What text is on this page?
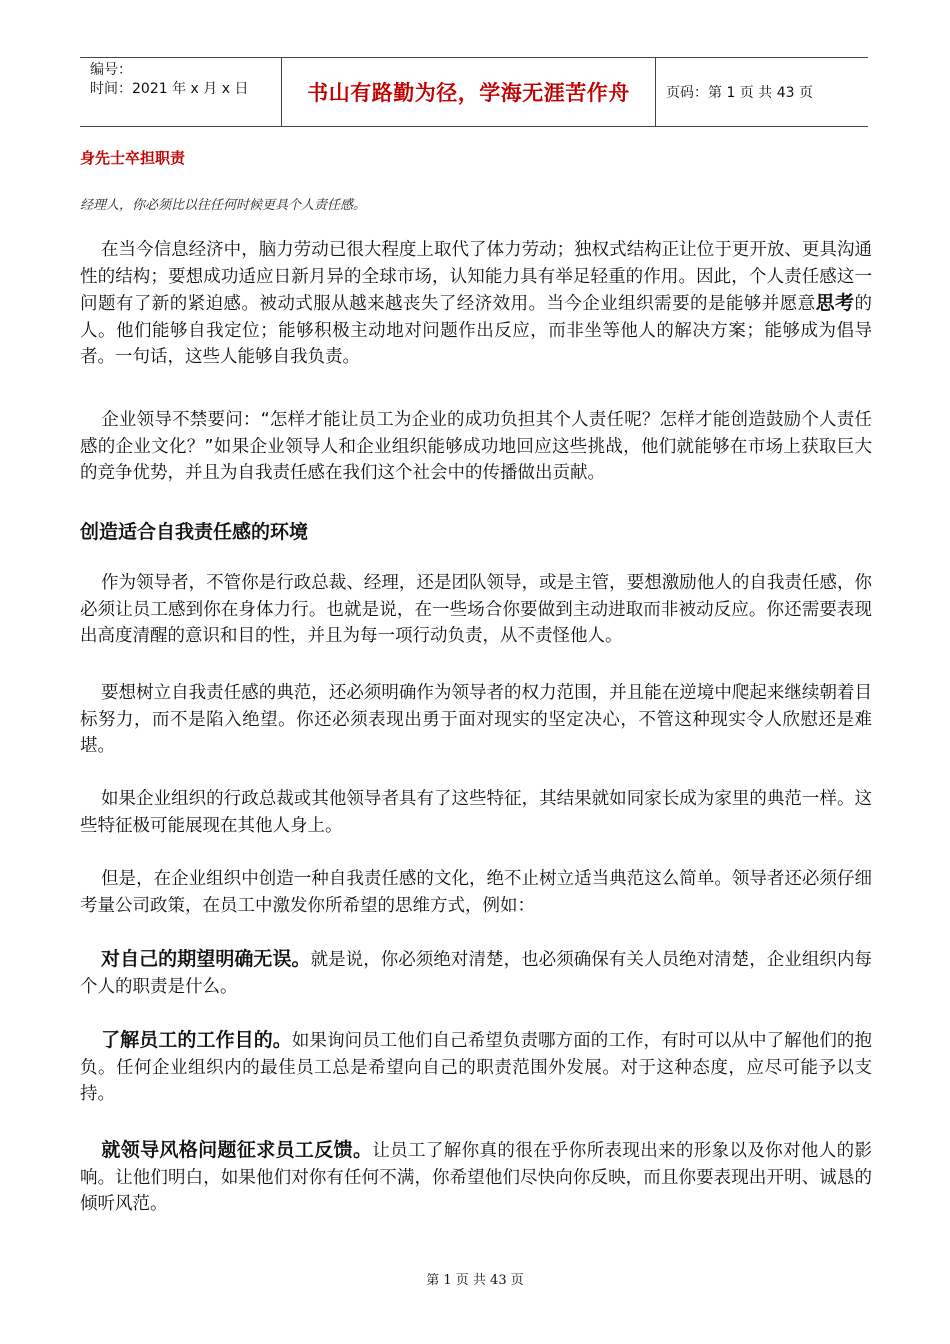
编号：
时间：2021 年 x 月 x 日	书山有路勤为径，学海无涯苦作舟	页码：第 1 页 共 43 页
身先士卒担职责
经理人，你必须比以往任何时候更具个人责任感。
在当今信息经济中，脑力劳动已很大程度上取代了体力劳动；独权式结构正让位于更开放、更具沟通性的结构；要想成功适应日新月异的全球市场，认知能力具有举足轻重的作用。因此，个人责任感这一问题有了新的紧迫感。被动式服从越来越丧失了经济效用。当今企业组织需要的是能够并愿意思考的人。他们能够自我定位；能够积极主动地对问题作出反应，而非坐等他人的解决方案；能够成为倡导者。一句话，这些人能够自我负责。
企业领导不禁要问：“怎样才能让员工为企业的成功负担其个人责任呢？怎样才能创造鼓励个人责任感的企业文化？”如果企业领导人和企业组织能够成功地回应这些挑战，他们就能够在市场上获取巨大的竞争优势，并且为自我责任感在我们这个社会中的传播做出贡献。
创造适合自我责任感的环境
作为领导者，不管你是行政总裁、经理，还是团队领导，或是主管，要想激励他人的自我责任感，你必须让员工感到你在身体力行。也就是说，在一些场合你要做到主动进取而非被动反应。你还需要表现出高度清醒的意识和目的性，并且为每一项行动负责，从不责怪他人。
要想树立自我责任感的典范，还必须明确作为领导者的权力范围，并且能在逆境中爬起来继续朝着目标努力，而不是陷入绝望。你还必须表现出勇于面对现实的坚定决心，不管这种现实令人欣慰还是难堪。
如果企业组织的行政总裁或其他领导者具有了这些特征，其结果就如同家长成为家里的典范一样。这些特征极可能展现在其他人身上。
但是，在企业组织中创造一种自我责任感的文化，绝不止树立适当典范这么简单。领导者还必须仔细考量公司政策，在员工中激发你所希望的思维方式，例如：
对自己的期望明确无误。就是说，你必须绝对清楚，也必须确保有关人员绝对清楚，企业组织内每个人的职责是什么。
了解员工的工作目的。如果询问员工他们自己希望负责哪方面的工作，有时可以从中了解他们的抱负。任何企业组织内的最佳员工总是希望向自己的职责范围外发展。对于这种态度，应尽可能予以支持。
就领导风格问题征求员工反馈。让员工了解你真的很在乎你所表现出来的形象以及你对他人的影响。让他们明白，如果他们对你有任何不满，你希望他们尽快向你反映，而且你要表现出开明、诚恳的倾听风范。
第 1 页 共 43 页
